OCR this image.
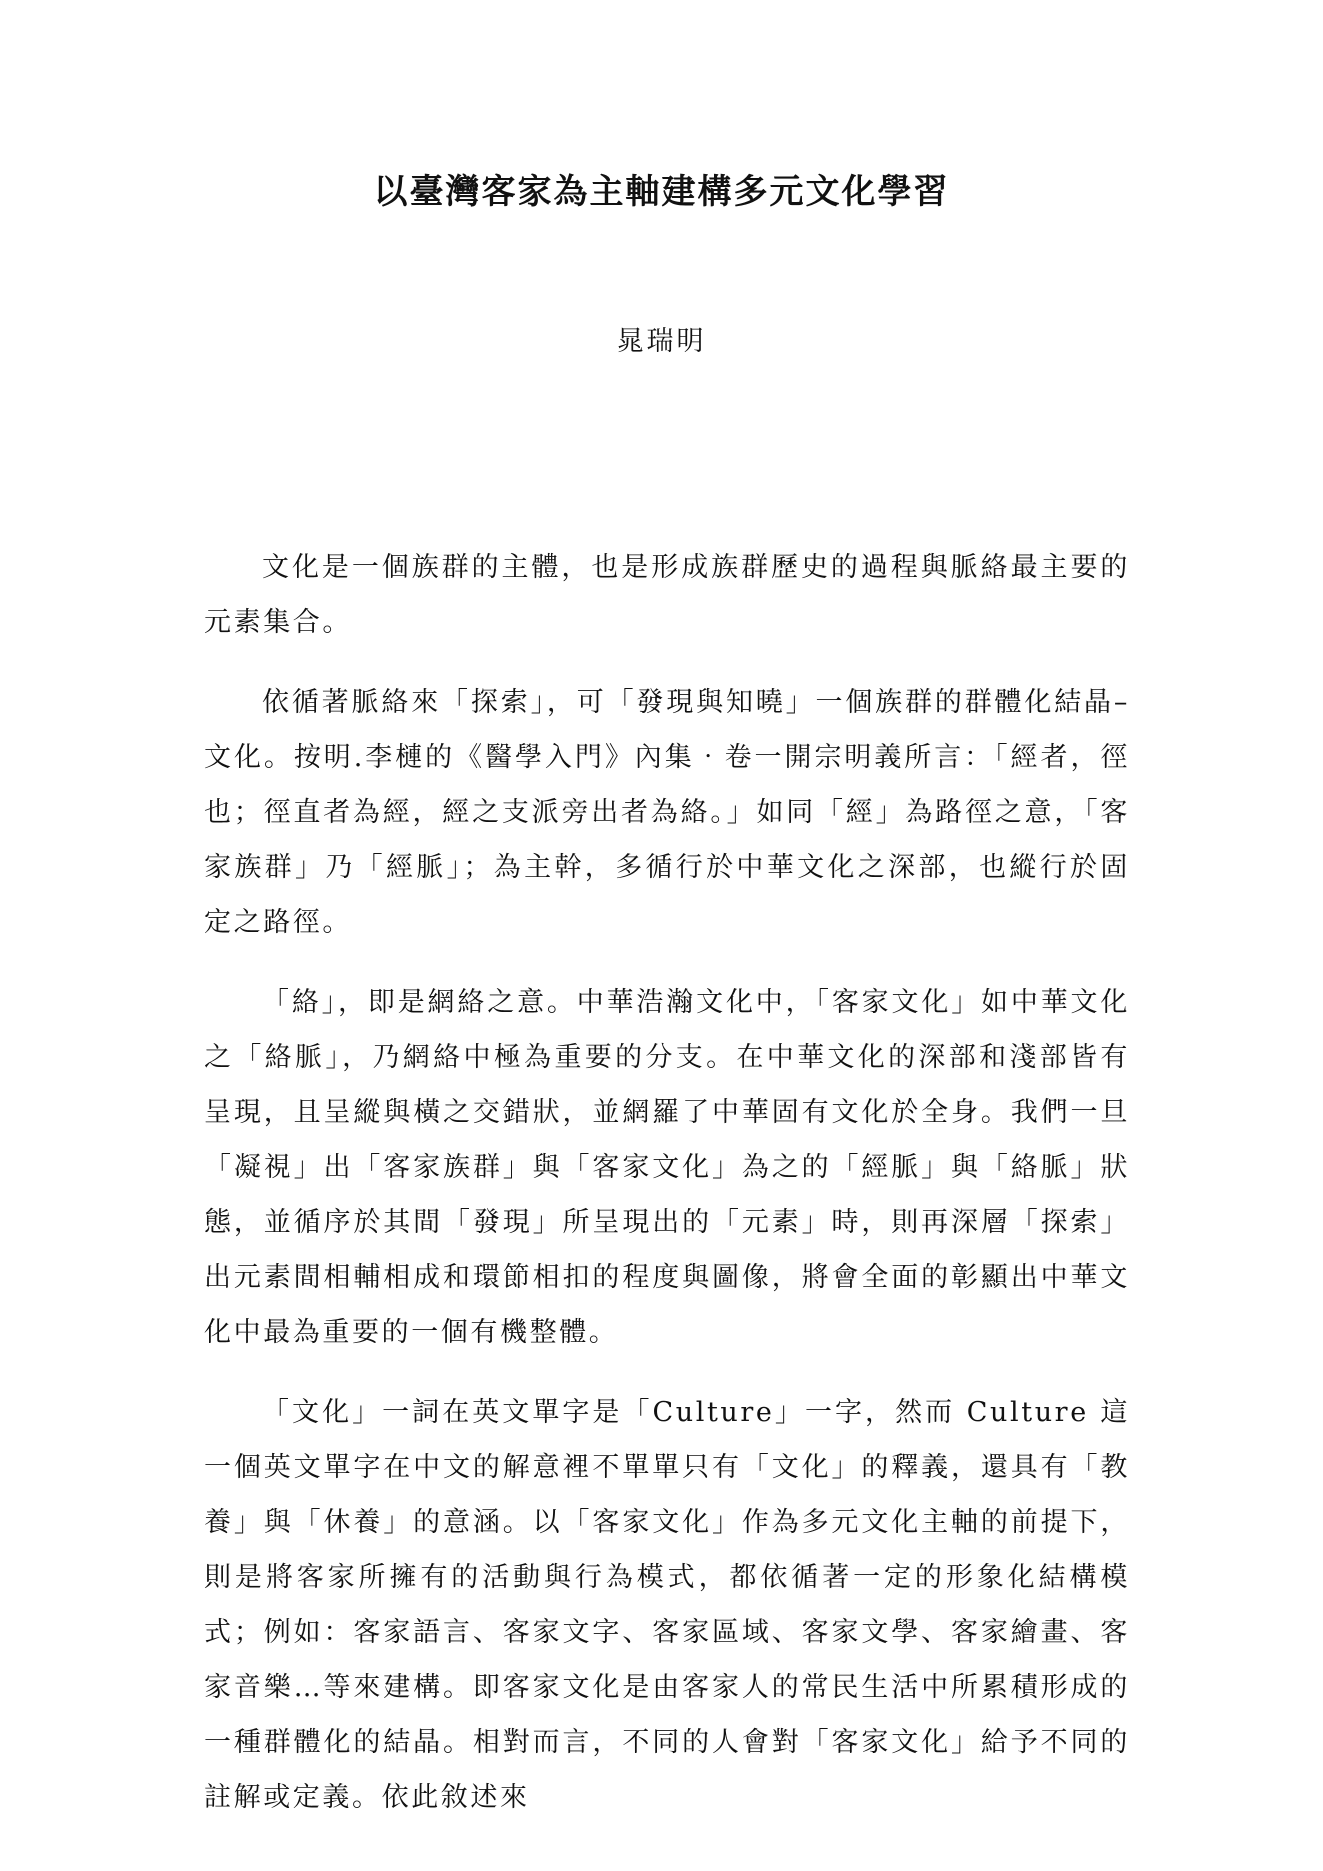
以臺灣客家為主軸建構多元文化學習
晁瑞明

文化是一個族群的主體，也是形成族群歷史的過程與脈絡最主要的元素集合。

依循著脈絡來「探索」，可「發現與知曉」一個族群的群體化結晶–文化。按明.李槤的《醫學入門》內集‧卷一開宗明義所言：「經者，徑也；徑直者為經，經之支派旁出者為絡。」如同「經」為路徑之意，「客家族群」乃「經脈」；為主幹，多循行於中華文化之深部，也縱行於固定之路徑。

「絡」，即是網絡之意。中華浩瀚文化中，「客家文化」如中華文化之「絡脈」，乃網絡中極為重要的分支。在中華文化的深部和淺部皆有呈現，且呈縱與橫之交錯狀，並網羅了中華固有文化於全身。我們一旦「凝視」出「客家族群」與「客家文化」為之的「經脈」與「絡脈」狀態，並循序於其間「發現」所呈現出的「元素」時，則再深層「探索」出元素間相輔相成和環節相扣的程度與圖像，將會全面的彰顯出中華文化中最為重要的一個有機整體。

「文化」一詞在英文單字是「Culture」一字，然而 Culture 這一個英文單字在中文的解意裡不單單只有「文化」的釋義，還具有「教養」與「休養」的意涵。以「客家文化」作為多元文化主軸的前提下，則是將客家所擁有的活動與行為模式，都依循著一定的形象化結構模式；例如：客家語言、客家文字、客家區域、客家文學、客家繪畫、客家音樂…等來建構。即客家文化是由客家人的常民生活中所累積形成的一種群體化的結晶。相對而言，不同的人會對「客家文化」給予不同的註解或定義。依此敘述來
